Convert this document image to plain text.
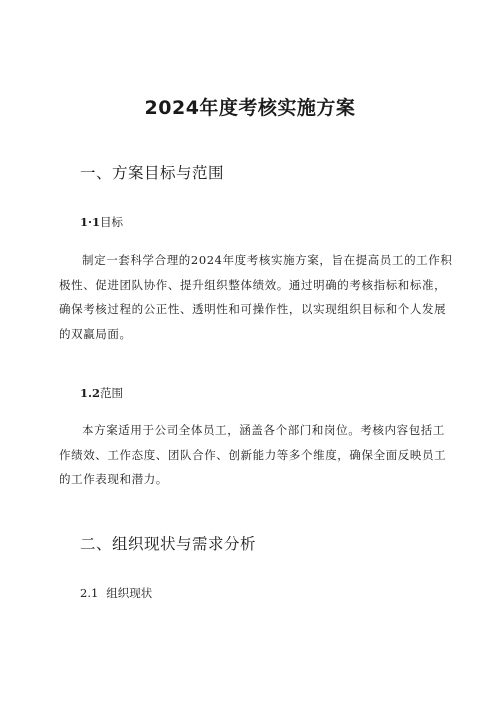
2024年度考核实施方案
一、方案目标与范围
1·1目标

制定一套科学合理的2024年度考核实施方案，旨在提高员工的工作积极性、促进团队协作、提升组织整体绩效。通过明确的考核指标和标准，确保考核过程的公正性、透明性和可操作性，以实现组织目标和个人发展的双赢局面。

1.2范围

本方案适用于公司全体员工，涵盖各个部门和岗位。考核内容包括工作绩效、工作态度、团队合作、创新能力等多个维度，确保全面反映员工的工作表现和潜力。

二、组织现状与需求分析
2.1 组织现状
